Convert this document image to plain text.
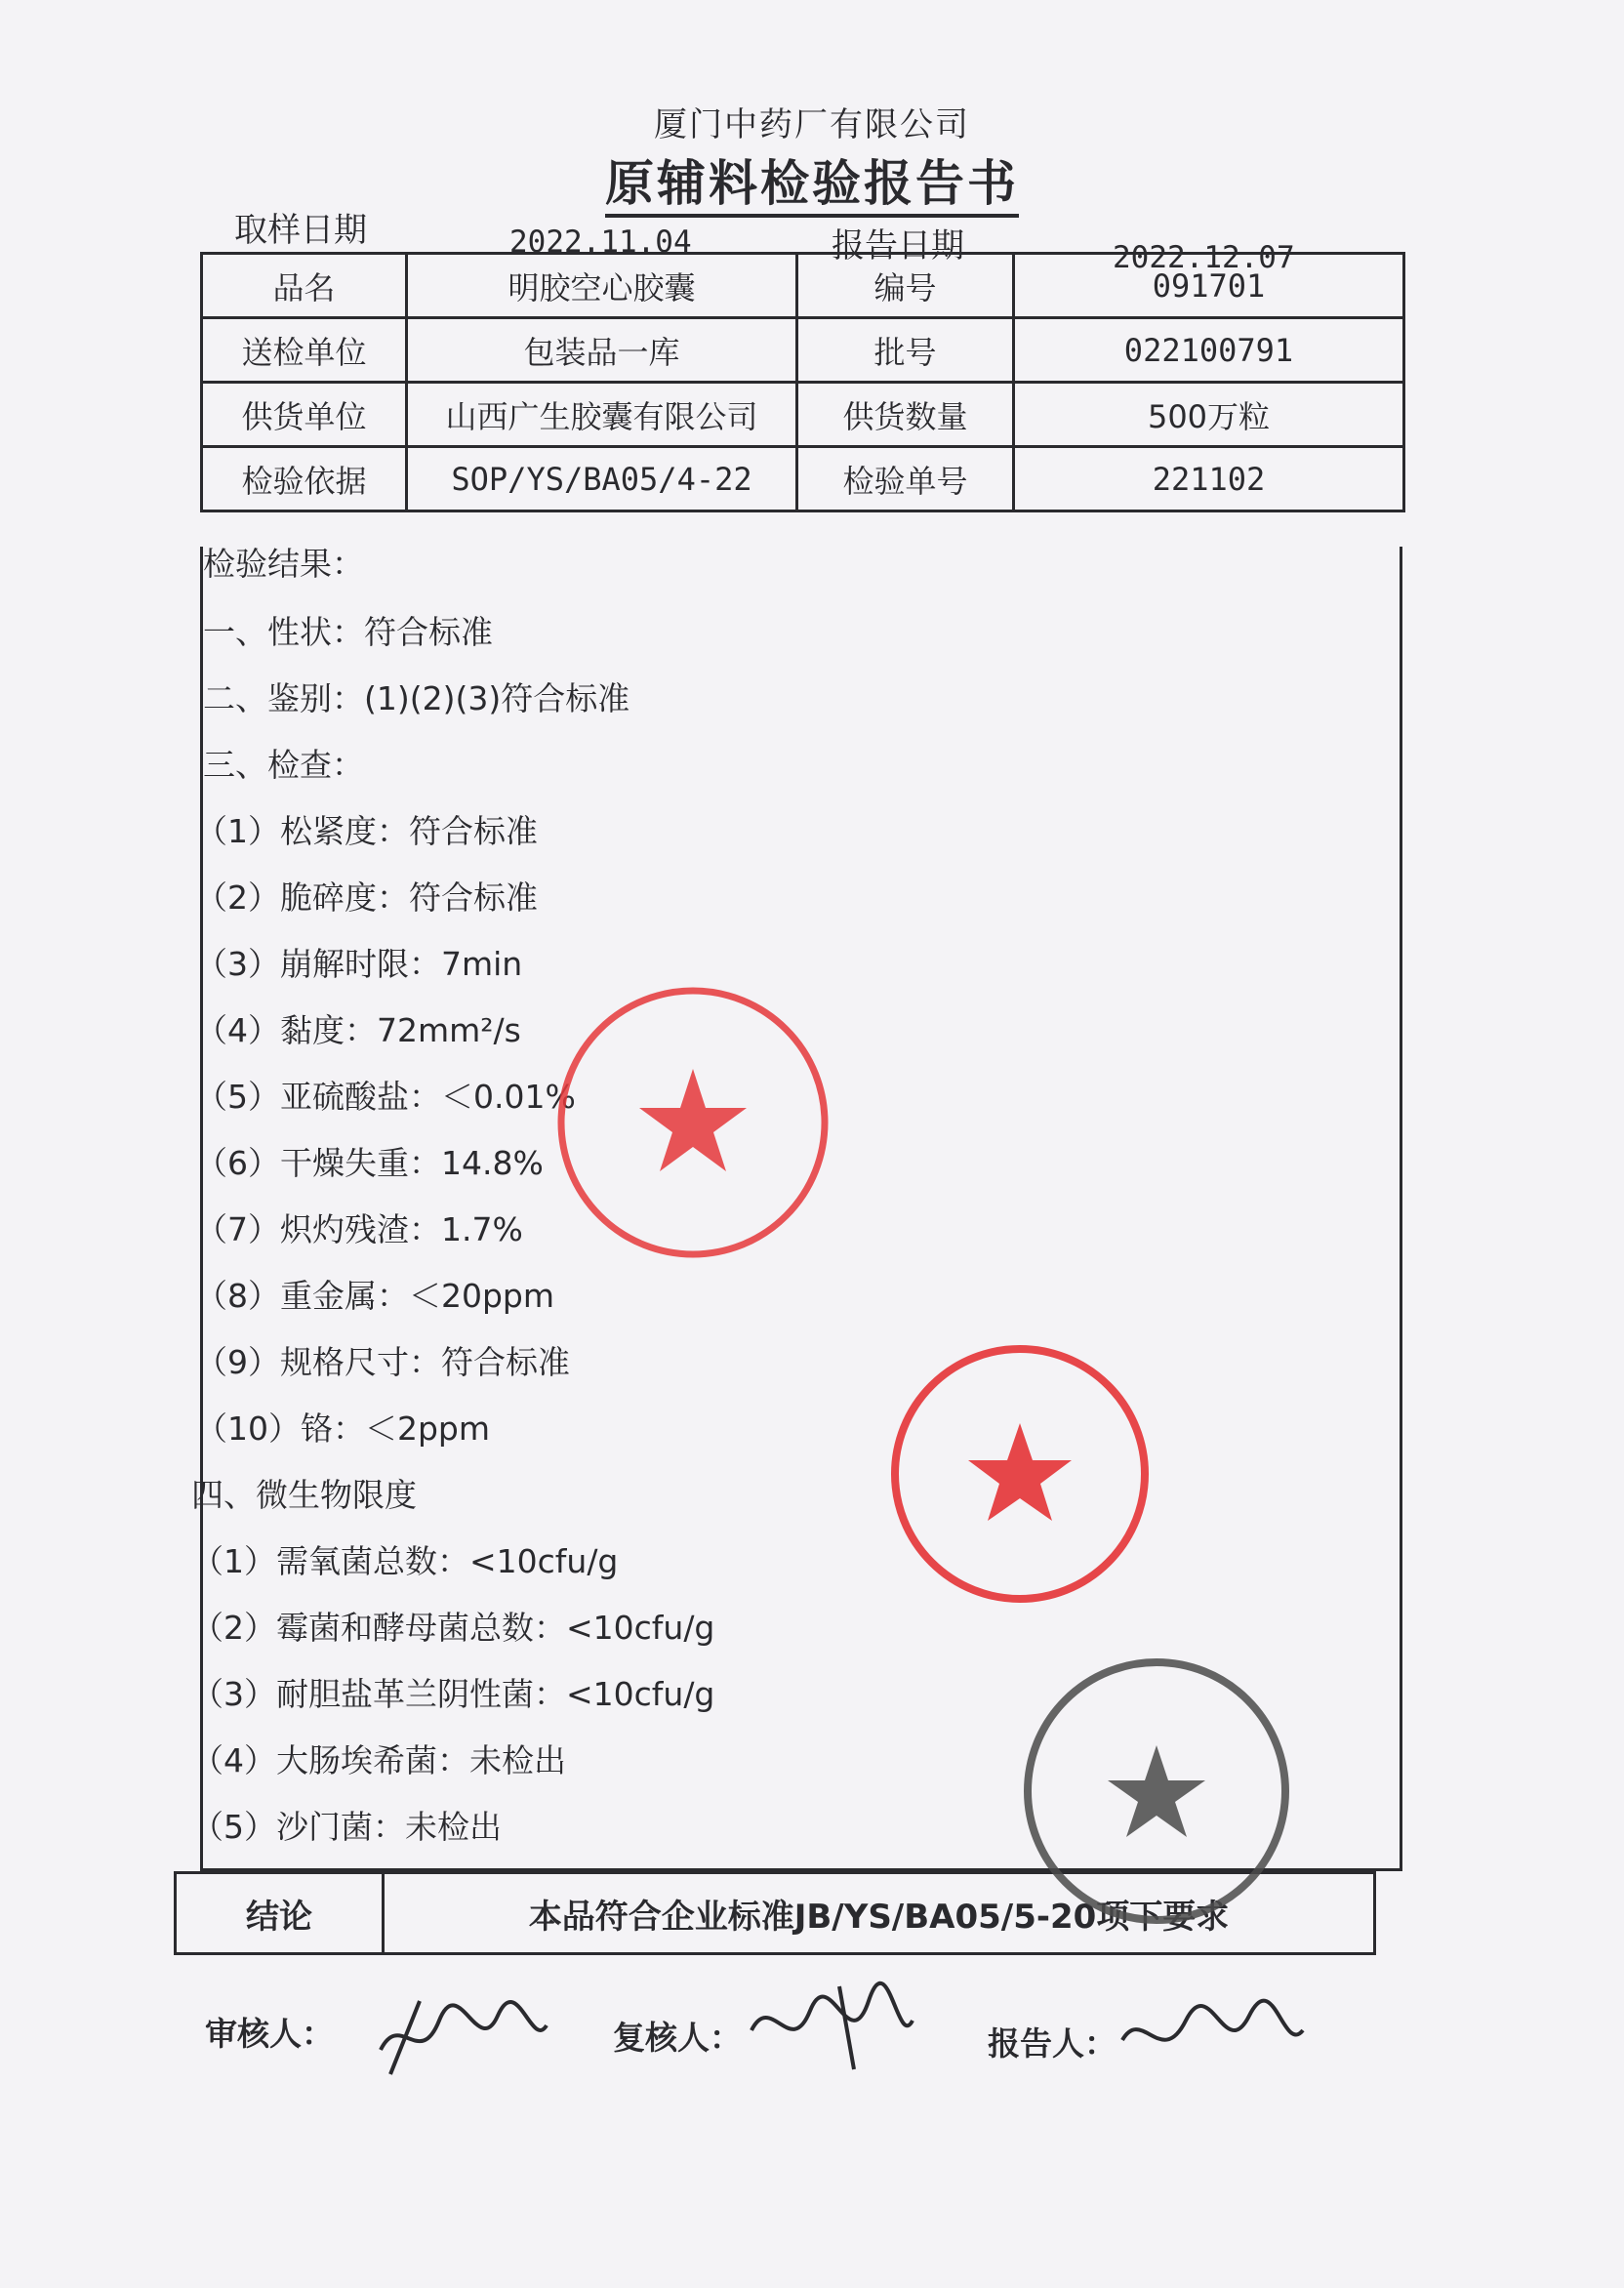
厦门中药厂有限公司
原辅料检验报告书
取样日期	2022.11.04	报告日期	2022.12.07
品名	明胶空心胶囊	编号	091701
送检单位	包装品一库	批号	022100791
供货单位	山西广生胶囊有限公司	供货数量	500万粒
检验依据	SOP/YS/BA05/4-22	检验单号	221102
检验结果：
一、性状：符合标准
二、鉴别：(1)(2)(3)符合标准
三、检查：
（1）松紧度：符合标准
（2）脆碎度：符合标准
（3）崩解时限：7min
（4）黏度：72mm²/s
（5）亚硫酸盐：＜0.01%
（6）干燥失重：14.8%
（7）炽灼残渣：1.7%
（8）重金属：＜20ppm
（9）规格尺寸：符合标准
（10）铬：＜2ppm
四、微生物限度
（1）需氧菌总数：<10cfu/g
（2）霉菌和酵母菌总数：<10cfu/g
（3）耐胆盐革兰阴性菌：<10cfu/g
（4）大肠埃希菌：未检出
（5）沙门菌：未检出
结论	本品符合企业标准JB/YS/BA05/5-20项下要求
审核人：	复核人：	报告人：
